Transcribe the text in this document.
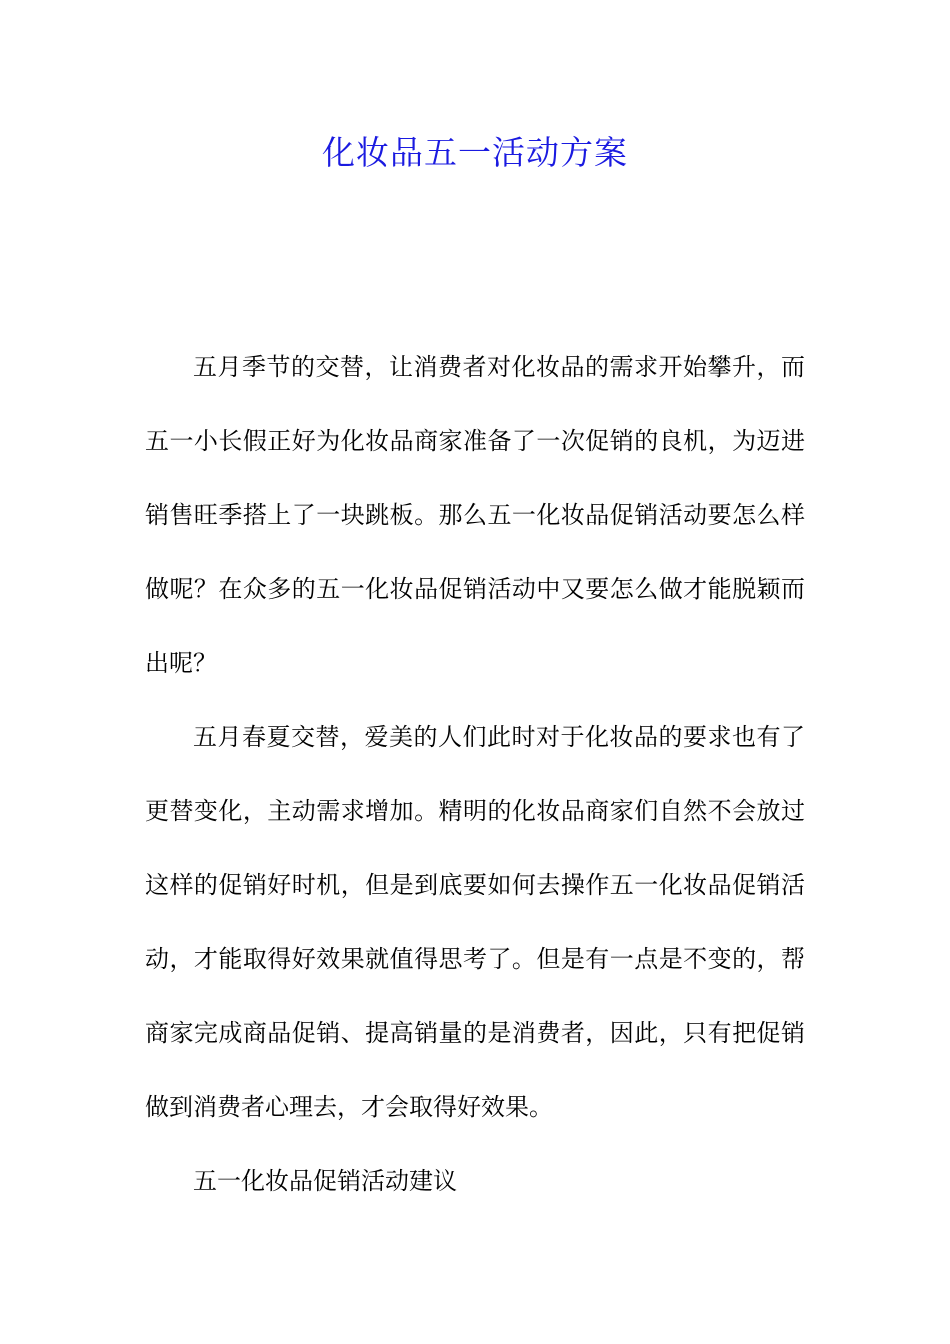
化妆品五一活动方案

五月季节的交替，让消费者对化妆品的需求开始攀升，而五一小长假正好为化妆品商家准备了一次促销的良机，为迈进销售旺季搭上了一块跳板。那么五一化妆品促销活动要怎么样做呢？在众多的五一化妆品促销活动中又要怎么做才能脱颖而出呢？

五月春夏交替，爱美的人们此时对于化妆品的要求也有了更替变化，主动需求增加。精明的化妆品商家们自然不会放过这样的促销好时机，但是到底要如何去操作五一化妆品促销活动，才能取得好效果就值得思考了。但是有一点是不变的，帮商家完成商品促销、提高销量的是消费者，因此，只有把促销做到消费者心理去，才会取得好效果。

五一化妆品促销活动建议
